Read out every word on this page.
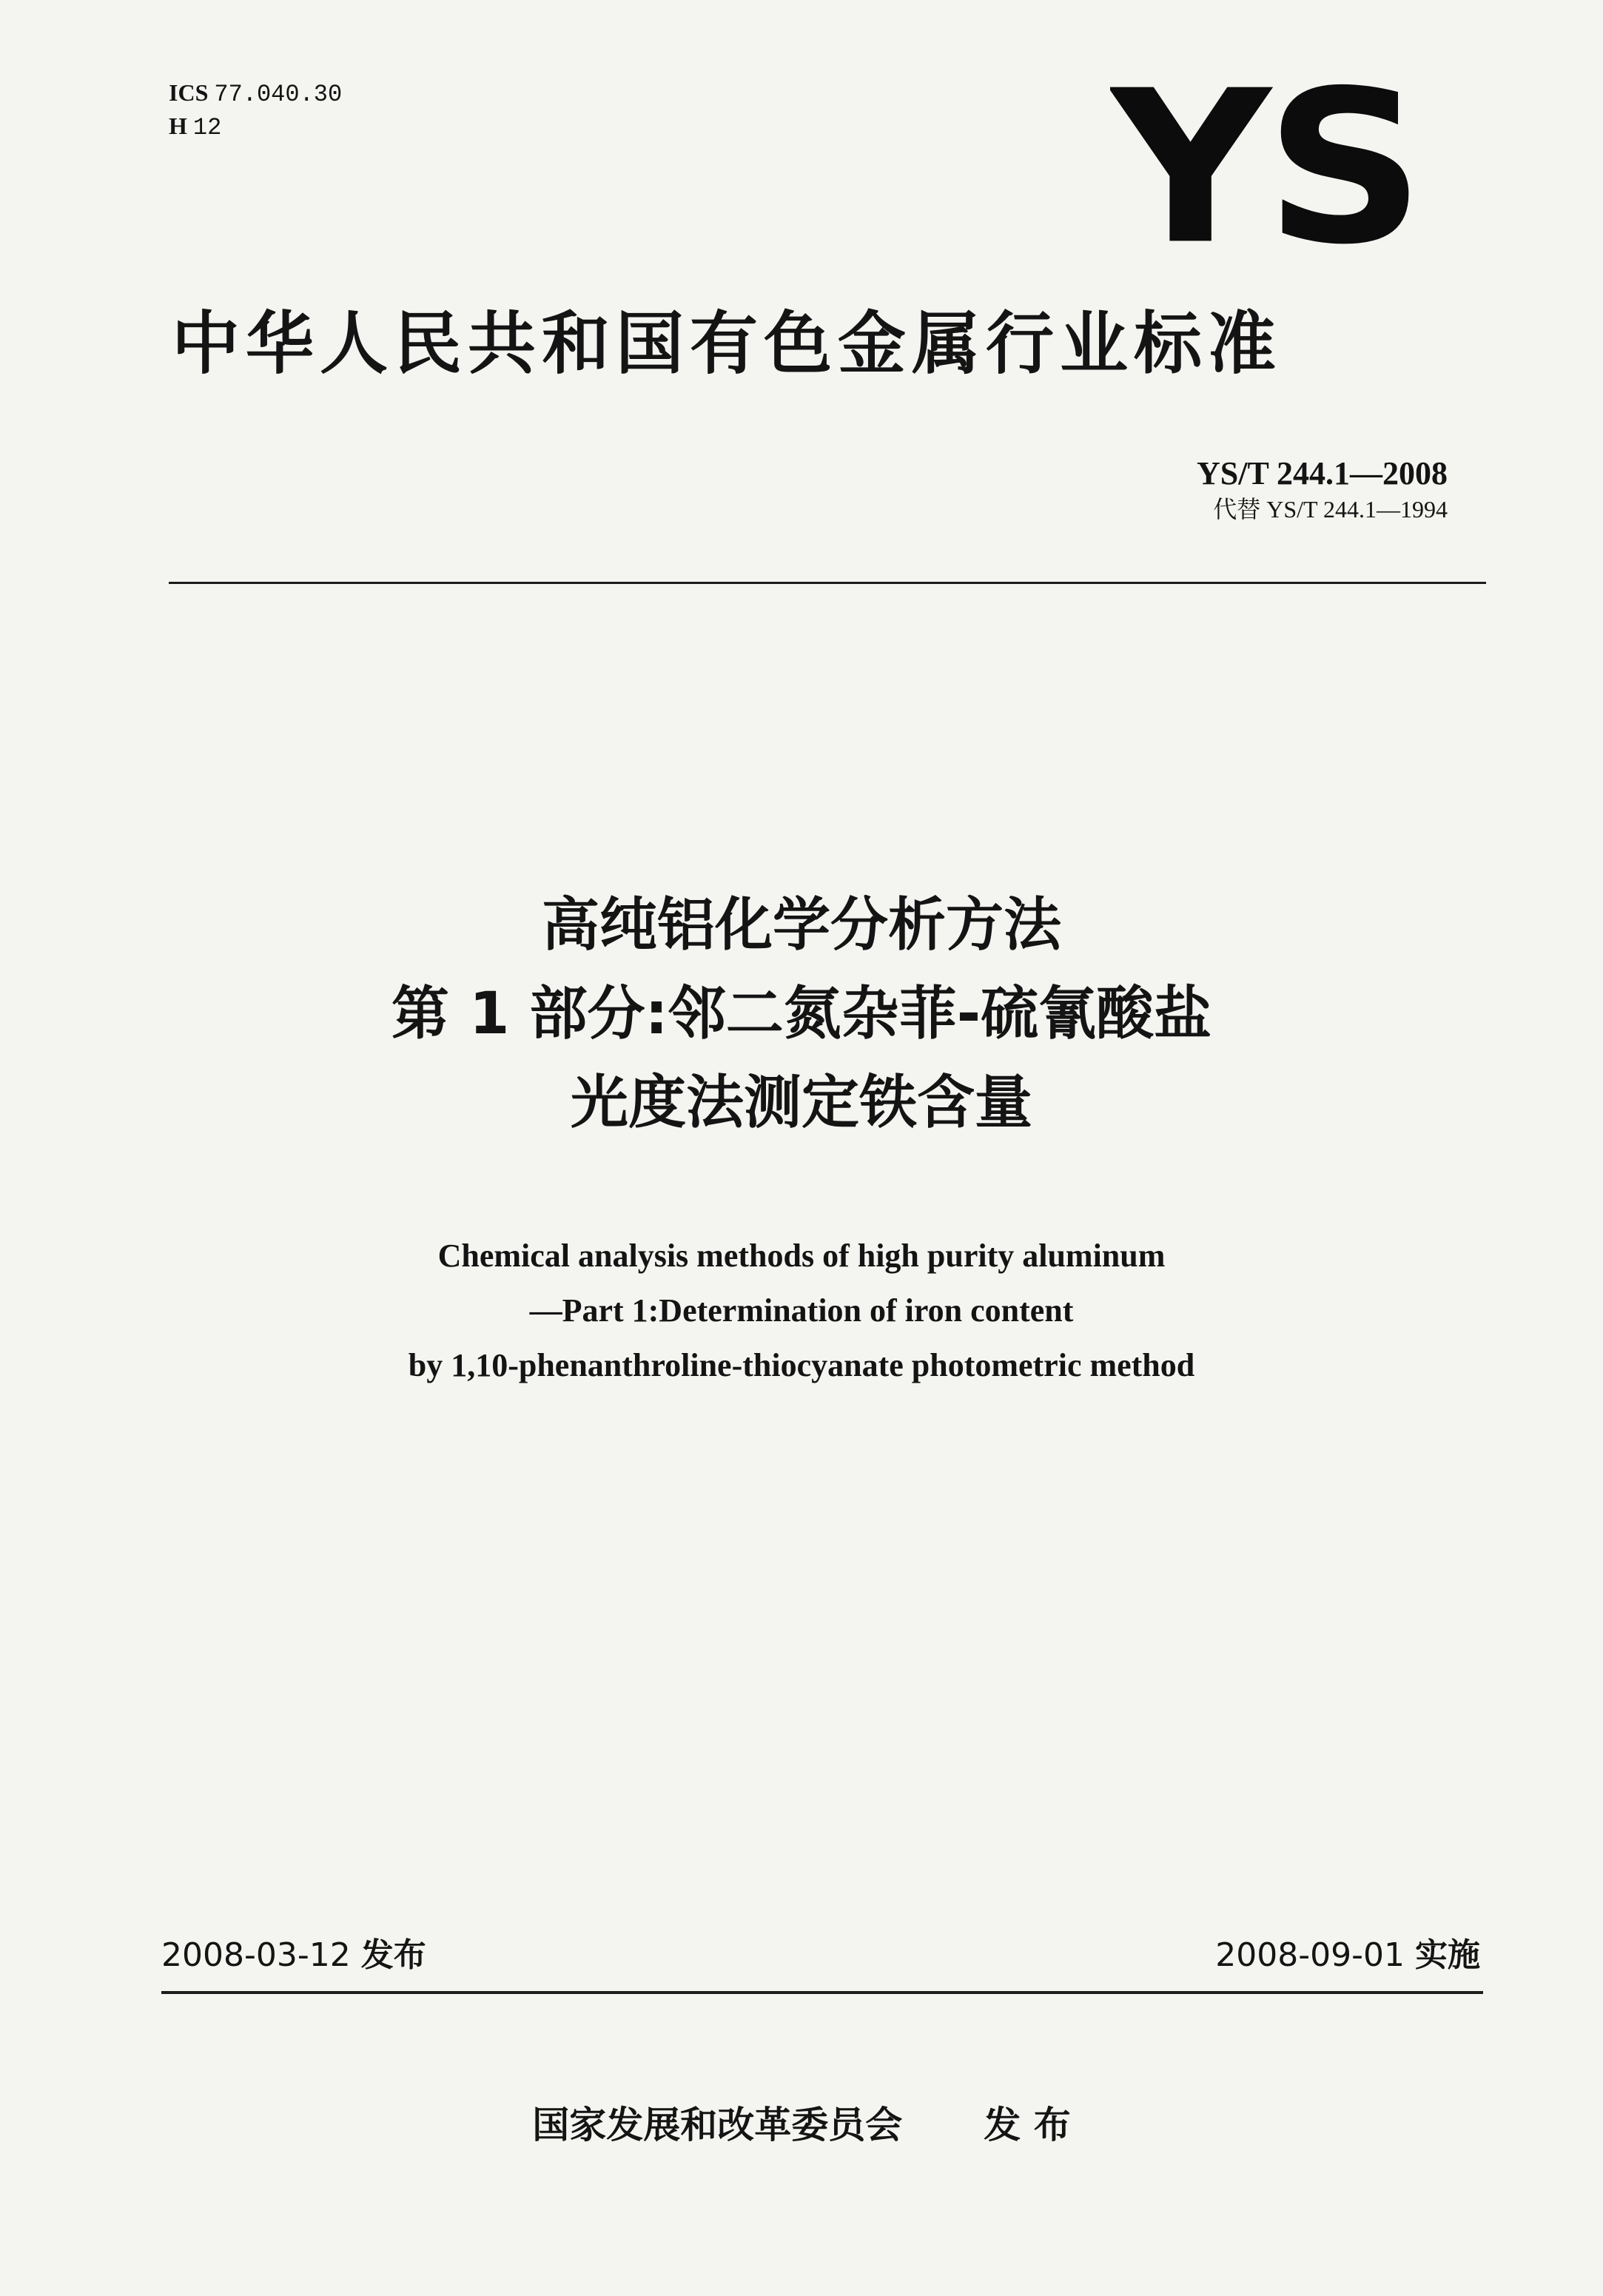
ICS 77.040.30
H 12	YS
中华人民共和国有色金属行业标准
YS/T 244.1—2008
代替 YS/T 244.1—1994
高纯铝化学分析方法
第 1 部分:邻二氮杂菲-硫氰酸盐
光度法测定铁含量
Chemical analysis methods of high purity aluminum
—Part 1:Determination of iron content
by 1,10-phenanthroline-thiocyanate photometric method
2008-03-12 发布	2008-09-01 实施
国家发展和改革委员会 发 布
